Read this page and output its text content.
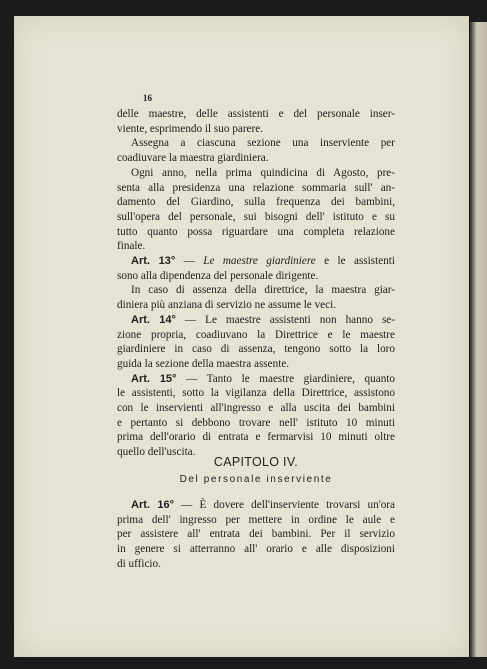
16

delle maestre, delle assistenti e del personale inser-
viente, esprimendo il suo parere.

Assegna a ciascuna sezione una inserviente per
coadiuvare la maestra giardiniera.

Ogni anno, nella prima quindicina di Agosto, pre-
senta alla presidenza una relazione sommaria sull' an-
damento del Giardino, sulla frequenza dei bambini,
sull'opera del personale, sui bisogni dell' istituto e su
tutto quanto possa riguardare una completa relazione
finale.

Art. 13° — Le maestre giardiniere e le assistenti
sono alla dipendenza del personale dirigente.

In caso di assenza della direttrice, la maestra giar-
diniera più anziana di servizio ne assume le veci.

Art. 14° — Le maestre assistenti non hanno se-
zione propria, coadiuvano la Direttrice e le maestre
giardiniere in caso di assenza, tengono sotto la loro
guida la sezione della maestra assente.

Art. 15° — Tanto le maestre giardiniere, quanto
le assistenti, sotto la vigilanza della Direttrice, assistono
con le inservienti all'ingresso e alla uscita dei bambini
e pertanto si debbono trovare nell' istituto 10 minuti
prima dell'orario di entrata e fermarvisi 10 minuti oltre
quello dell'uscita.

CAPITOLO IV.
Del personale inserviente

Art. 16° — È dovere dell'inserviente trovarsi un'ora
prima dell' ingresso per mettere in ordine le aule e
per assistere all' entrata dei bambini. Per il servizio
in genere si atterranno all' orario e alle disposizioni
di ufficio.
